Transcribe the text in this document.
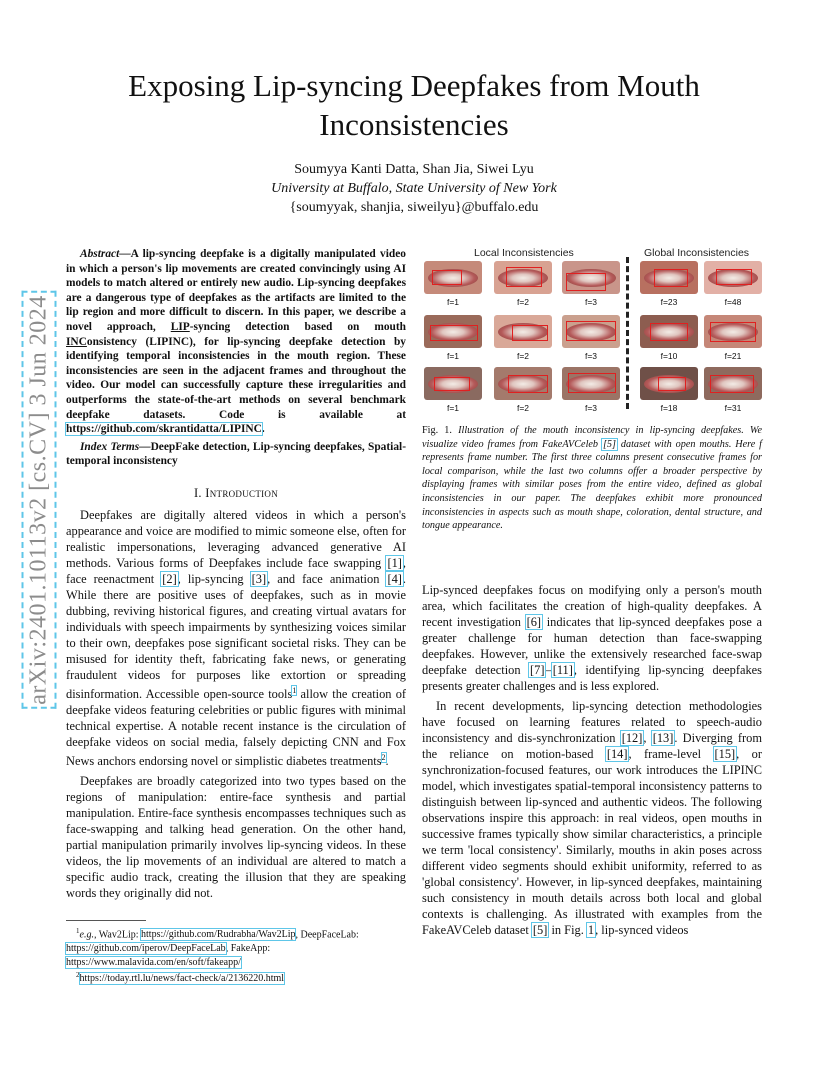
arXiv:2401.10113v2 [cs.CV] 3 Jun 2024
Exposing Lip-syncing Deepfakes from Mouth Inconsistencies
Soumyya Kanti Datta, Shan Jia, Siwei Lyu
University at Buffalo, State University of New York
{soumyyak, shanjia, siweilyu}@buffalo.edu

Abstract—A lip-syncing deepfake is a digitally manipulated video in which a person's lip movements are created convincingly using AI models to match altered or entirely new audio. Lip-syncing deepfakes are a dangerous type of deepfakes as the artifacts are limited to the lip region and more difficult to discern. In this paper, we describe a novel approach, LIP-syncing detection based on mouth INConsistency (LIPINC), for lip-syncing deepfake detection by identifying temporal inconsistencies in the mouth region. These inconsistencies are seen in the adjacent frames and throughout the video. Our model can successfully capture these irregularities and outperforms the state-of-the-art methods on several benchmark deepfake datasets. Code is available at https://github.com/skrantidatta/LIPINC.

Index Terms—DeepFake detection, Lip-syncing deepfakes, Spatial-temporal inconsistency

I. Introduction

Deepfakes are digitally altered videos in which a person's appearance and voice are modified to mimic someone else, often for realistic impersonations, leveraging advanced generative AI methods. Various forms of Deepfakes include face swapping [1], face reenactment [2], lip-syncing [3], and face animation [4]. While there are positive uses of deepfakes, such as in movie dubbing, reviving historical figures, and creating virtual avatars for individuals with speech impairments by synthesizing voices similar to their own, deepfakes pose significant societal risks. They can be misused for identity theft, fabricating fake news, or generating fraudulent videos for purposes like extortion or spreading disinformation. Accessible open-source tools$^1$ allow the creation of deepfake videos featuring celebrities or public figures with minimal technical expertise. A notable recent instance is the circulation of deepfake videos on social media, falsely depicting CNN and Fox News anchors endorsing novel or simplistic diabetes treatments$^2$.

Deepfakes are broadly categorized into two types based on the regions of manipulation: entire-face synthesis and partial manipulation. Entire-face synthesis encompasses techniques such as face-swapping and talking head generation. On the other hand, partial manipulation primarily involves lip-syncing videos. In these videos, the lip movements of an individual are altered to match a specific audio track, creating the illusion that they are speaking words they originally did not.

$^1$e.g., Wav2Lip: https://github.com/Rudrabha/Wav2Lip, DeepFaceLab: https://github.com/iperov/DeepFaceLab, FakeApp: https://www.malavida.com/en/soft/fakeapp/
$^2$https://today.rtl.lu/news/fact-check/a/2136220.html
Local Inconsistencies	Global Inconsistencies
f=1	f=2	f=3	f=23	f=48
f=1	f=2	f=3	f=10	f=21
f=1	f=2	f=3	f=18	f=31
Fig. 1. Illustration of the mouth inconsistency in lip-syncing deepfakes. We visualize video frames from FakeAVCeleb [5] dataset with open mouths. Here f represents frame number. The first three columns present consecutive frames for local comparison, while the last two columns offer a broader perspective by displaying frames with similar poses from the entire video, defined as global inconsistencies in our paper. The deepfakes exhibit more pronounced inconsistencies in aspects such as mouth shape, coloration, dental structure, and tongue appearance.

Lip-synced deepfakes focus on modifying only a person's mouth area, which facilitates the creation of high-quality deepfakes. A recent investigation [6] indicates that lip-synced deepfakes pose a greater challenge for human detection than face-swapping deepfakes. However, unlike the extensively researched face-swap deepfake detection [7]–[11], identifying lip-syncing deepfakes presents greater challenges and is less explored.

In recent developments, lip-syncing detection methodologies have focused on learning features related to speech-audio inconsistency and dis-synchronization [12], [13]. Diverging from the reliance on motion-based [14], frame-level [15], or synchronization-focused features, our work introduces the LIPINC model, which investigates spatial-temporal inconsistency patterns to distinguish between lip-synced and authentic videos. The following observations inspire this approach: in real videos, open mouths in successive frames typically show similar characteristics, a principle we term 'local consistency'. Similarly, mouths in akin poses across different video segments should exhibit uniformity, referred to as 'global consistency'. However, in lip-synced deepfakes, maintaining such consistency in mouth details across both local and global contexts is challenging. As illustrated with examples from the FakeAVCeleb dataset [5] in Fig. 1, lip-synced videos
